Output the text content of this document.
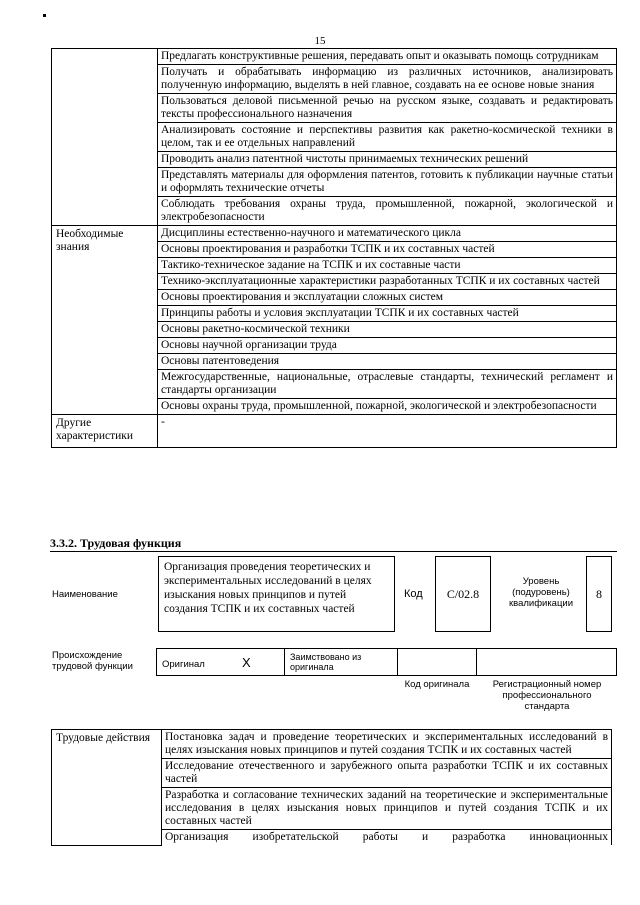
15
	Предлагать конструктивные решения, передавать опыт и оказывать помощь сотрудникам
	Получать и обрабатывать информацию из различных источников, анализировать полученную информацию, выделять в ней главное, создавать на ее основе новые знания
	Пользоваться деловой письменной речью на русском языке, создавать и редактировать тексты профессионального назначения
	Анализировать состояние и перспективы развития как ракетно-космической техники в целом, так и ее отдельных направлений
	Проводить анализ патентной чистоты принимаемых технических решений
	Представлять материалы для оформления патентов, готовить к публикации научные статьи и оформлять технические отчеты
	Соблюдать требования охраны труда, промышленной, пожарной, экологической и электробезопасности
Необходимые знания	Дисциплины естественно-научного и математического цикла
	Основы проектирования и разработки ТСПК и их составных частей
	Тактико-техническое задание на ТСПК и их составные части
	Технико-эксплуатационные характеристики разработанных ТСПК и их составных частей
	Основы проектирования и эксплуатации сложных систем
	Принципы работы и условия эксплуатации ТСПК и их составных частей
	Основы ракетно-космической техники
	Основы научной организации труда
	Основы патентоведения
	Межгосударственные, национальные, отраслевые стандарты, технический регламент и стандарты организации
	Основы охраны труда, промышленной, пожарной, экологической и электробезопасности
Другие характеристики	-
3.3.2. Трудовая функция
Наименование
Организация проведения теоретических и экспериментальных исследований в целях изыскания новых принципов и путей создания ТСПК и их составных частей
Код	C/02.8
Уровень (подуровень) квалификации
8
Происхождение трудовой функции	Оригинал	X	Заимствовано из оригинала
Код оригинала	Регистрационный номер профессионального стандарта
Трудовые действия	Постановка задач и проведение теоретических и экспериментальных исследований в целях изыскания новых принципов и путей создания ТСПК и их составных частей
Исследование отечественного и зарубежного опыта разработки ТСПК и их составных частей
Разработка и согласование технических заданий на теоретические и экспериментальные исследования в целях изыскания новых принципов и путей создания ТСПК и их составных частей
Организация изобретательской работы и разработка инновационных
